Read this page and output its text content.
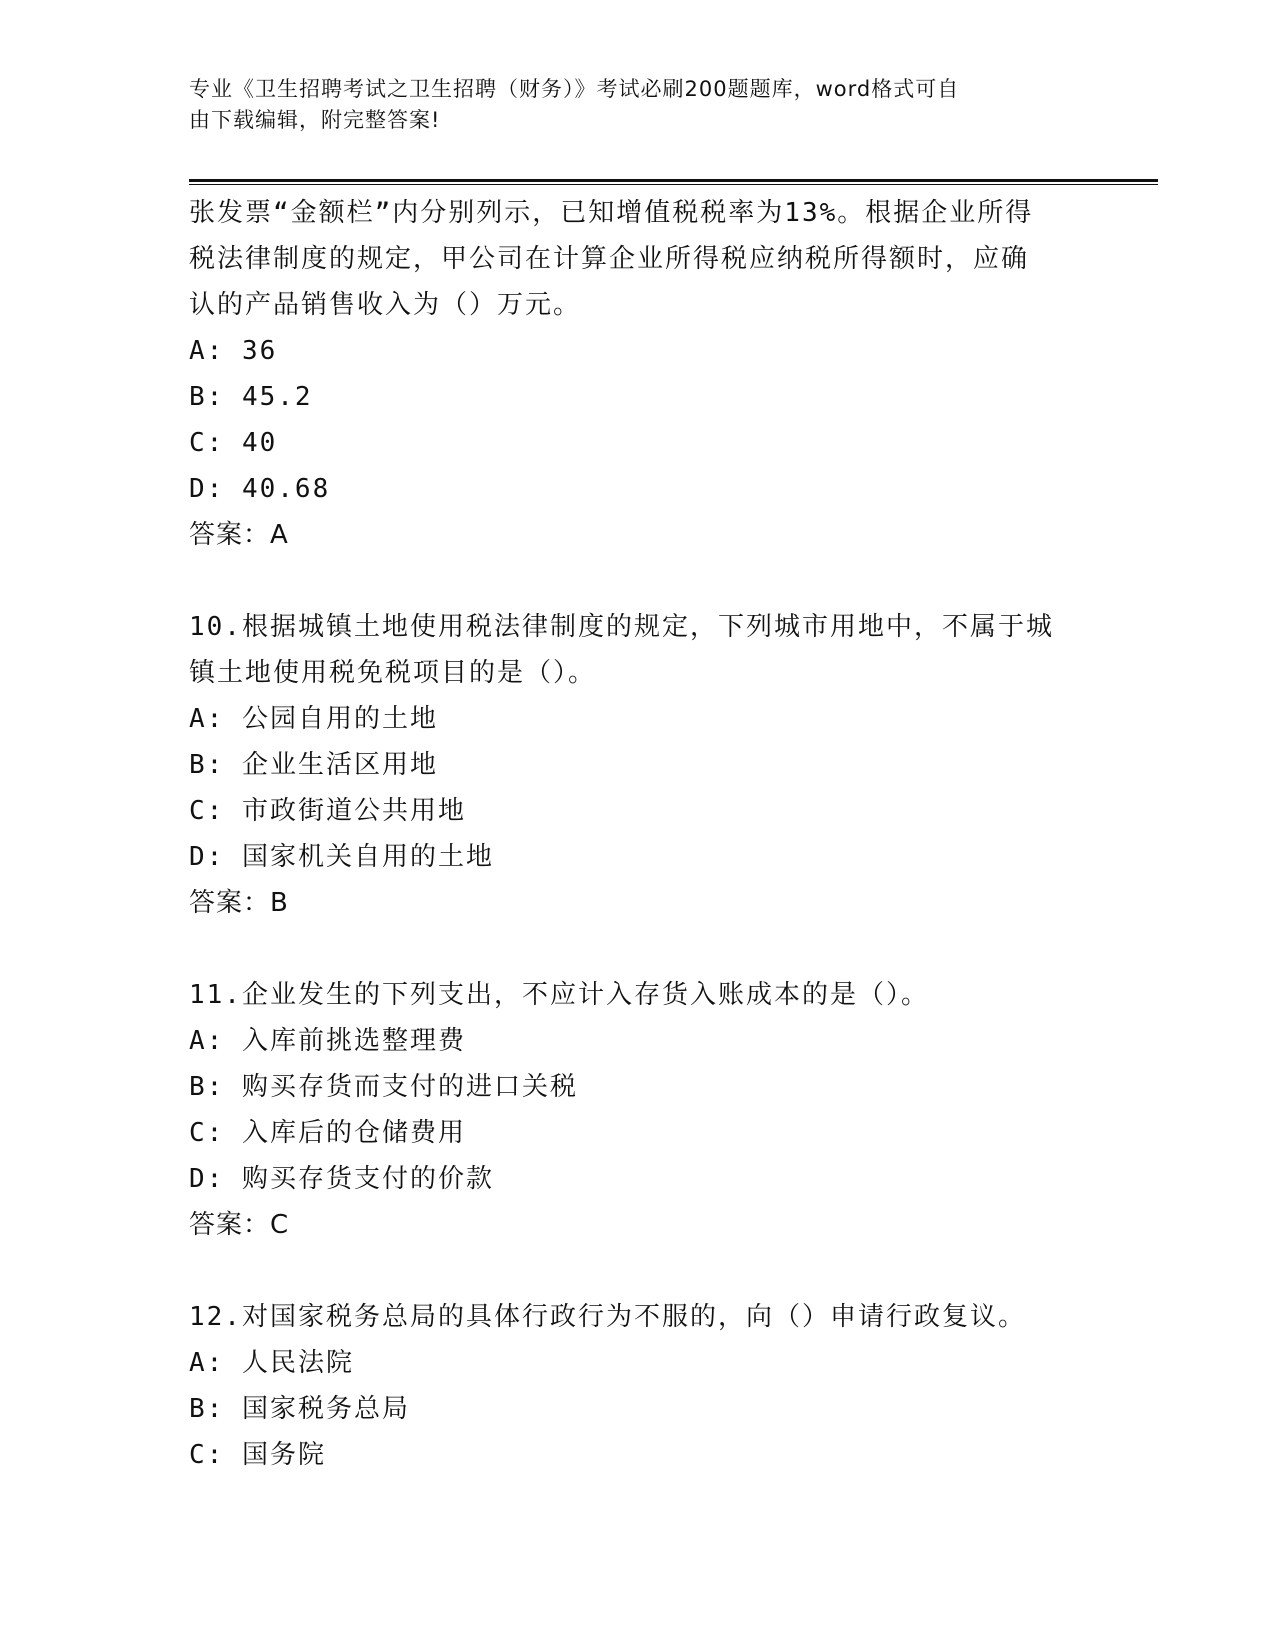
专业《卫生招聘考试之卫生招聘（财务）》考试必刷200题题库，word格式可自
由下载编辑，附完整答案!

张发票“金额栏”内分别列示，已知增值税税率为13%。根据企业所得

税法律制度的规定，甲公司在计算企业所得税应纳税所得额时，应确

认的产品销售收入为（）万元。

A: 36

B: 45.2

C: 40

D: 40.68

答案：A

10.根据城镇土地使用税法律制度的规定，下列城市用地中，不属于城

镇土地使用税免税项目的是（）。

A: 公园自用的土地

B: 企业生活区用地

C: 市政街道公共用地

D: 国家机关自用的土地

答案：B

11.企业发生的下列支出，不应计入存货入账成本的是（）。

A: 入库前挑选整理费

B: 购买存货而支付的进口关税

C: 入库后的仓储费用

D: 购买存货支付的价款

答案：C

12.对国家税务总局的具体行政行为不服的，向（）申请行政复议。

A: 人民法院

B: 国家税务总局

C: 国务院
